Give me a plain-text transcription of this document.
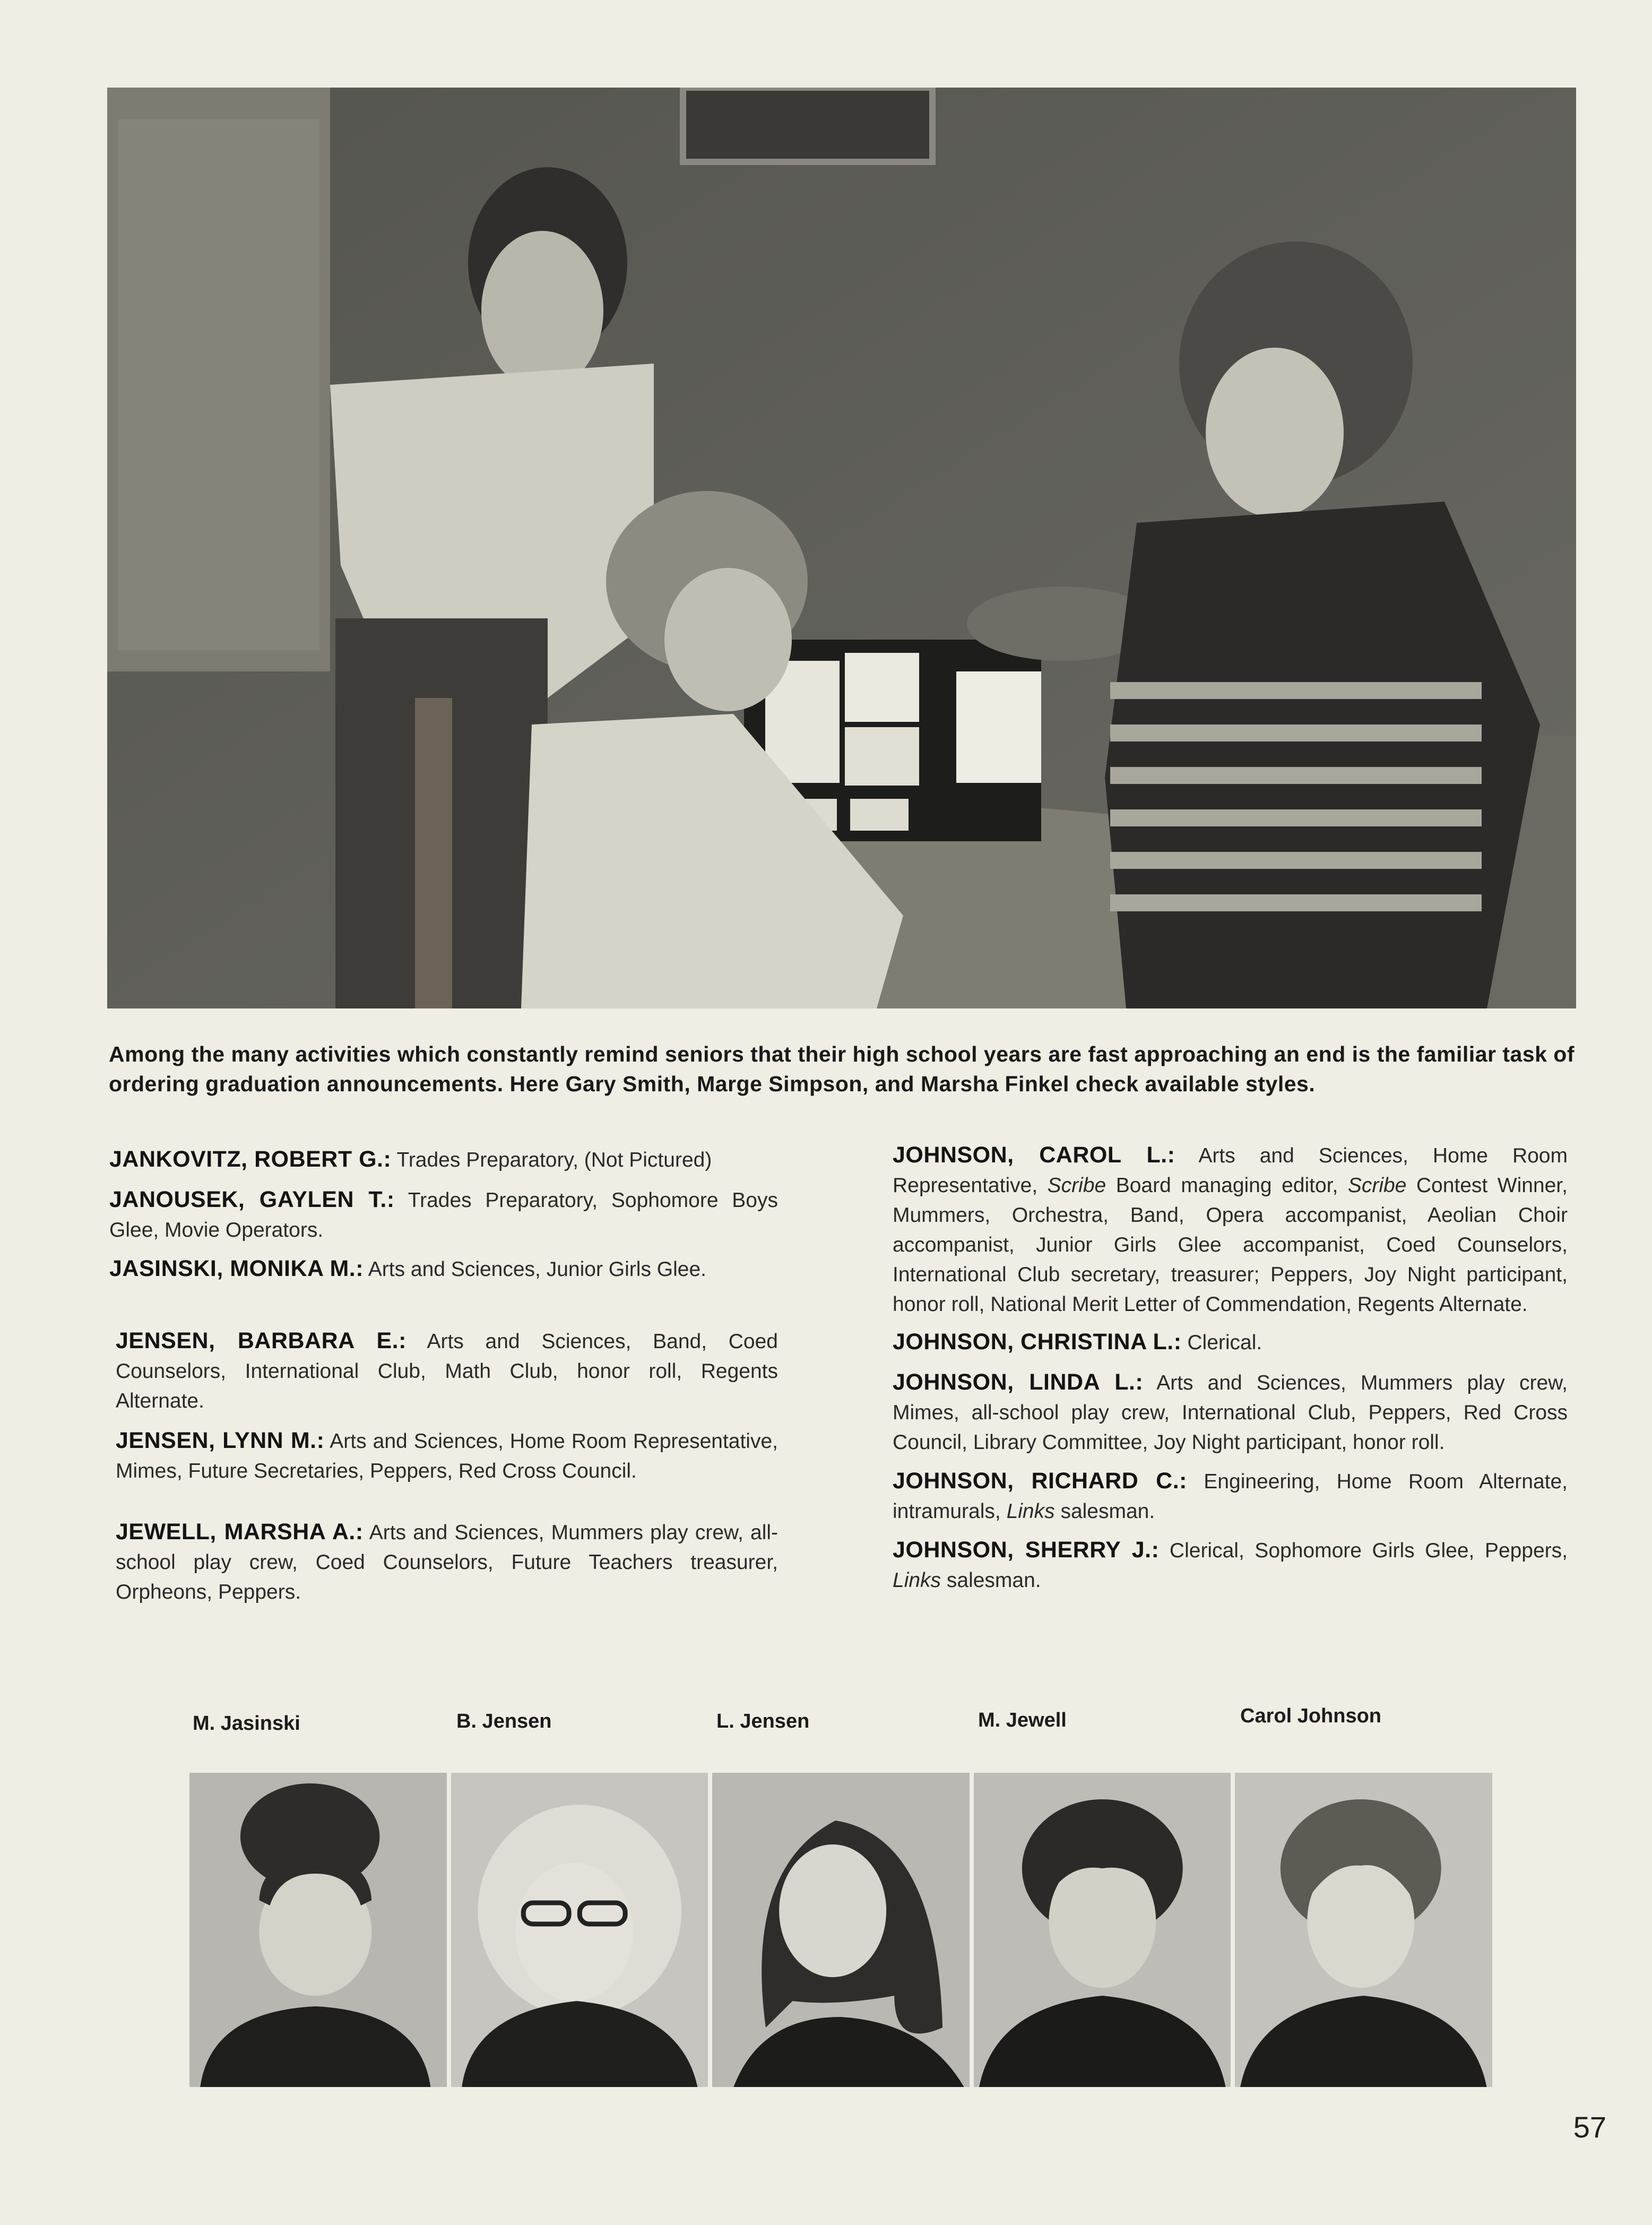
Among the many activities which constantly remind seniors that their high school years are fast approaching an end is the familiar task of ordering graduation announcements. Here Gary Smith, Marge Simpson, and Marsha Finkel check available styles.

JANKOVITZ, ROBERT G.: Trades Preparatory, (Not Pictured)

JANOUSEK, GAYLEN T.: Trades Preparatory, Sophomore Boys Glee, Movie Operators.

JASINSKI, MONIKA M.: Arts and Sciences, Junior Girls Glee.

JENSEN, BARBARA E.: Arts and Sciences, Band, Coed Counselors, International Club, Math Club, honor roll, Regents Alternate.

JENSEN, LYNN M.: Arts and Sciences, Home Room Representative, Mimes, Future Secretaries, Peppers, Red Cross Council.

JEWELL, MARSHA A.: Arts and Sciences, Mummers play crew, all-school play crew, Coed Counselors, Future Teachers treasurer, Orpheons, Peppers.

JOHNSON, CAROL L.: Arts and Sciences, Home Room Representative, Scribe Board managing editor, Scribe Contest Winner, Mummers, Orchestra, Band, Opera accompanist, Aeolian Choir accompanist, Junior Girls Glee accompanist, Coed Counselors, International Club secretary, treasurer; Peppers, Joy Night participant, honor roll, National Merit Letter of Commendation, Regents Alternate.

JOHNSON, CHRISTINA L.: Clerical.

JOHNSON, LINDA L.: Arts and Sciences, Mummers play crew, Mimes, all-school play crew, International Club, Peppers, Red Cross Council, Library Committee, Joy Night participant, honor roll.

JOHNSON, RICHARD C.: Engineering, Home Room Alternate, intramurals, Links salesman.

JOHNSON, SHERRY J.: Clerical, Sophomore Girls Glee, Peppers, Links salesman.

M. Jasinski	B. Jensen	L. Jensen	M. Jewell	Carol Johnson
57
